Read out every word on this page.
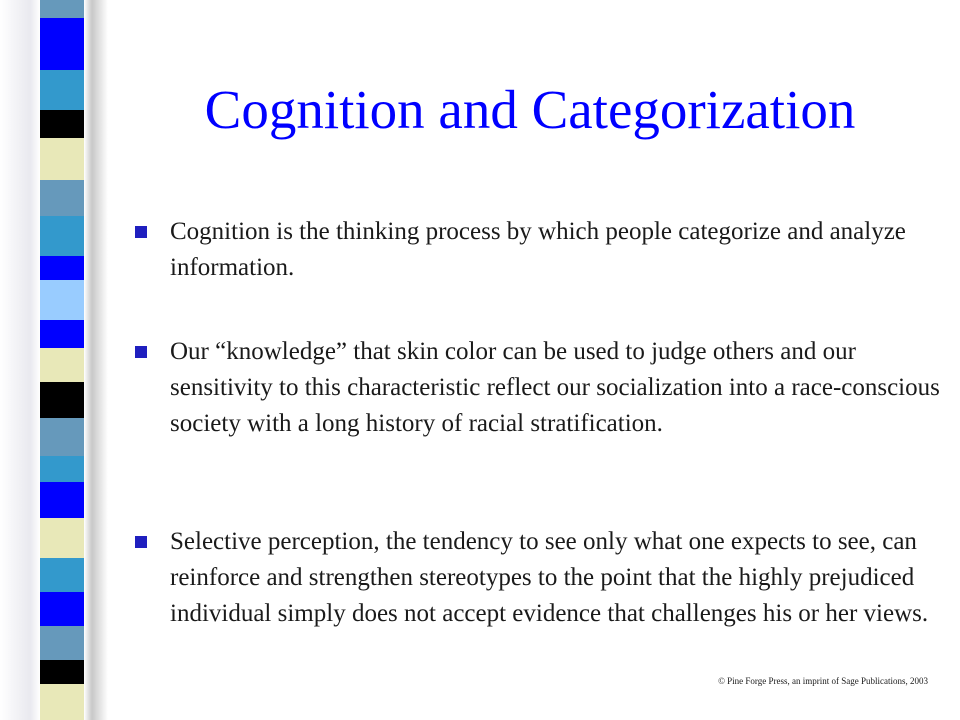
Cognition and Categorization
Cognition is the thinking process by which people categorize and analyze information.
Our “knowledge” that skin color can be used to judge others and our sensitivity to this characteristic reflect our socialization into a race-conscious society with a long history of racial stratification.
Selective perception, the tendency to see only what one expects to see, can reinforce and strengthen stereotypes to the point that the highly prejudiced individual simply does not accept evidence that challenges his or her views.
© Pine Forge Press, an imprint of Sage Publications, 2003
